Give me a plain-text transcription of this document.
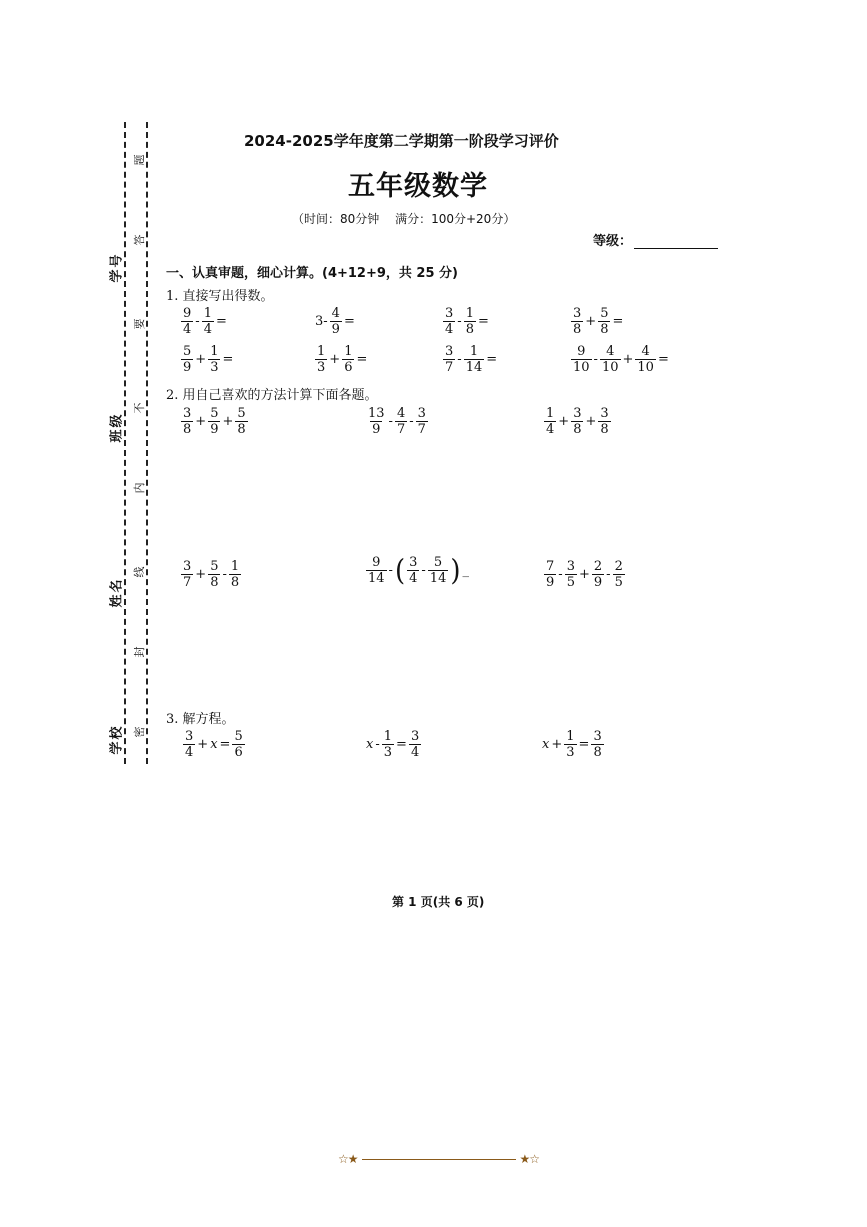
学号
班级
姓名
学校
题
答
要
不
内
线
封
密
2024-2025学年度第二学期第一阶段学习评价
五年级数学
（时间：80分钟　 满分：100分+20分）
等级：
一、认真审题，细心计算。(4+12+9，共 25 分)
1. 直接写出得数。
$\frac{9}{4} - \frac{1}{4}$ =	$3- \frac{4}{9}$ =	$\frac{3}{4} - \frac{1}{8}$ =	$\frac{3}{8} + \frac{5}{8}$ =
$\frac{5}{9} + \frac{1}{3}$ =	$\frac{1}{3} + \frac{1}{6}$ =	$\frac{3}{7} - \frac{1}{14}$ =	$\frac{9}{10} - \frac{4}{10} + \frac{4}{10}$ =
2. 用自己喜欢的方法计算下面各题。
$\frac{3}{8} + \frac{5}{9} + \frac{5}{8}$	$\frac{13}{9} - \frac{4}{7} - \frac{3}{7}$	$\frac{1}{4} + \frac{3}{8} + \frac{3}{8}$
$\frac{3}{7} + \frac{5}{8} - \frac{1}{8}$	$\frac{9}{14}$ - ( $\frac{3}{4} - \frac{5}{14}$ ) _	$\frac{7}{9} - \frac{3}{5} + \frac{2}{9} - \frac{2}{5}$
3. 解方程。
$\frac{3}{4} + x = \frac{5}{6}$	$x - \frac{1}{3} = \frac{3}{4}$	$x + \frac{1}{3} = \frac{3}{8}$
第 1 页(共 6 页)
☆★	★☆
